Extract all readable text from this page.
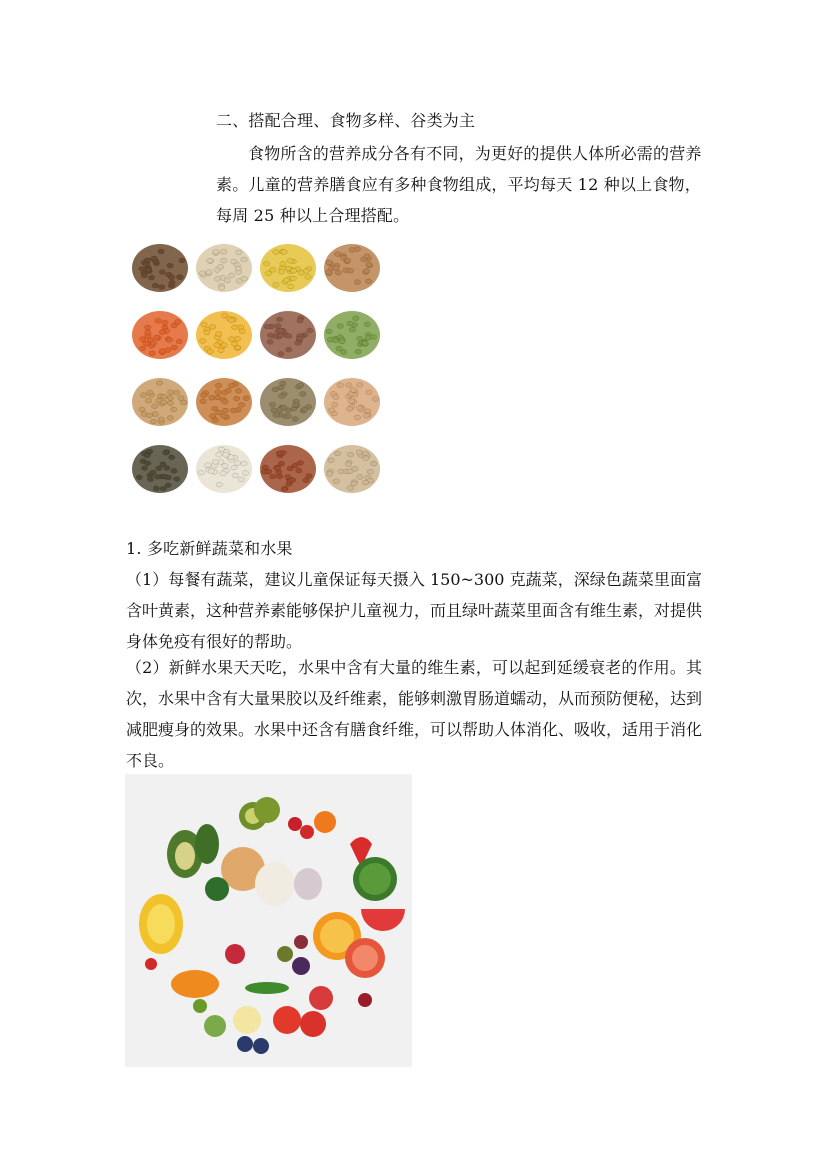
二、搭配合理、食物多样、谷类为主
食物所含的营养成分各有不同，为更好的提供人体所必需的营养素。儿童的营养膳食应有多种食物组成，平均每天 12 种以上食物，每周 25 种以上合理搭配。
1. 多吃新鲜蔬菜和水果
（1）每餐有蔬菜，建议儿童保证每天摄入 150~300 克蔬菜，深绿色蔬菜里面富含叶黄素，这种营养素能够保护儿童视力，而且绿叶蔬菜里面含有维生素，对提供身体免疫有很好的帮助。
（2）新鲜水果天天吃，水果中含有大量的维生素，可以起到延缓衰老的作用。其次，水果中含有大量果胶以及纤维素，能够刺激胃肠道蠕动，从而预防便秘，达到减肥瘦身的效果。水果中还含有膳食纤维，可以帮助人体消化、吸收，适用于消化不良。
